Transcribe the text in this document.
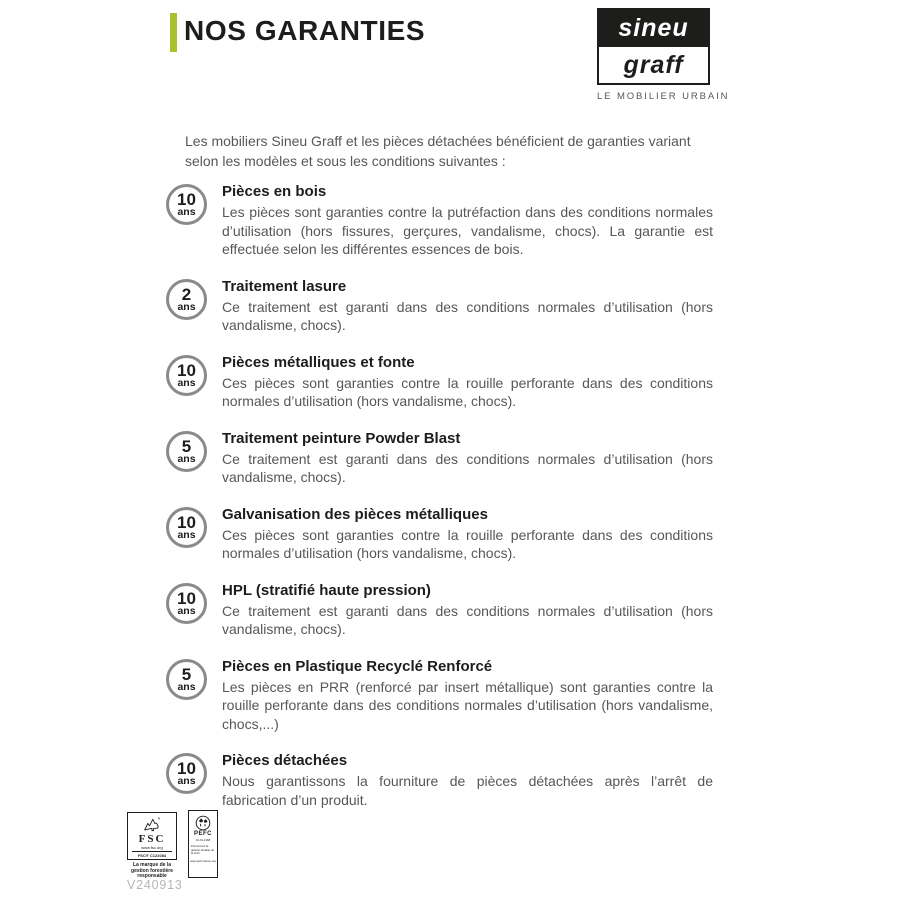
NOS GARANTIES	sineu
graff
LE MOBILIER URBAIN

Les mobiliers Sineu Graff et les pièces détachées bénéficient de garanties variant selon les modèles et sous les conditions suivantes :

10
ans
Pièces en bois
Les pièces sont garanties contre la putréfaction dans des conditions normales d’utilisation (hors fissures, gerçures, vandalisme, chocs). La garantie est effectuée selon les différentes essences de bois.
2
ans
Traitement lasure
Ce traitement est garanti dans des conditions normales d’utilisation (hors vandalisme, chocs).
10
ans
Pièces métalliques et fonte
Ces pièces sont garanties contre la rouille perforante dans des conditions normales d’utilisation (hors vandalisme, chocs).
5
ans
Traitement peinture Powder Blast
Ce traitement est garanti dans des conditions normales d’utilisation (hors vandalisme, chocs).
10
ans
Galvanisation des pièces métalliques
Ces pièces sont garanties contre la rouille perforante dans des conditions normales d’utilisation (hors vandalisme, chocs).
10
ans
HPL (stratifié haute pression)
Ce traitement est garanti dans des conditions normales d’utilisation (hors vandalisme, chocs).
5
ans
Pièces en Plastique Recyclé Renforcé
Les pièces en PRR (renforcé par insert métallique) sont garanties contre la rouille perforante dans des conditions normales d’utilisation (hors vandalisme, chocs,...)
10
ans
Pièces détachées
Nous garantissons la fourniture de pièces détachées après l’arrêt de fabrication d’un produit.
FSC
www.fsc.org
FSC® C122084
La marque de la gestion forestière responsable
PEFC
10-31-1368
Promouvoir la gestion durable de la forêt
www.pefc-france.org
V240913
